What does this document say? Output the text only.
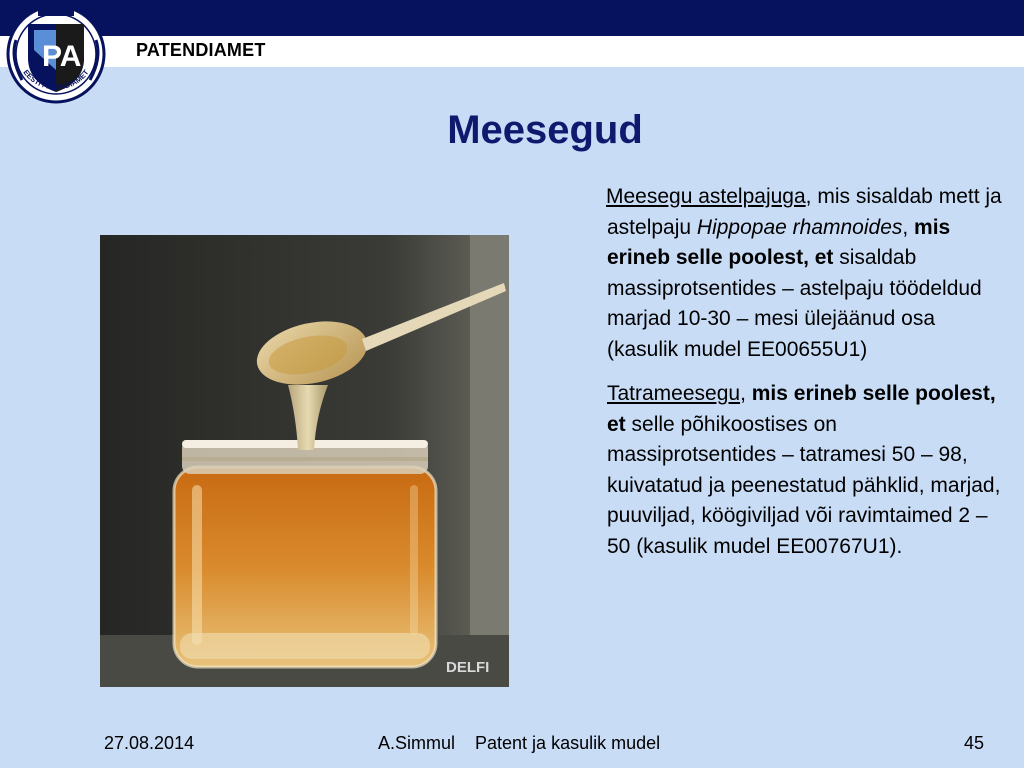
PA
EESTI PATENDIAMET
PATENDIAMET
Meesegud
DELFI

Meesegu astelpajuga, mis sisaldab mett ja astelpaju Hippopae rhamnoides, mis erineb selle poolest, et sisaldab massiprotsentides – astelpaju töödeldud marjad 10-30 – mesi ülejäänud osa (kasulik mudel EE00655U1)

Tatrameesegu, mis erineb selle poolest, et selle põhikoostises on massiprotsentides – tatramesi 50 – 98, kuivatatud ja peenestatud pähklid, marjad, puuviljad, köögiviljad või ravimtaimed 2 – 50 (kasulik mudel EE00767U1).

27.08.2014	A.Simmul    Patent ja kasulik mudel	45
